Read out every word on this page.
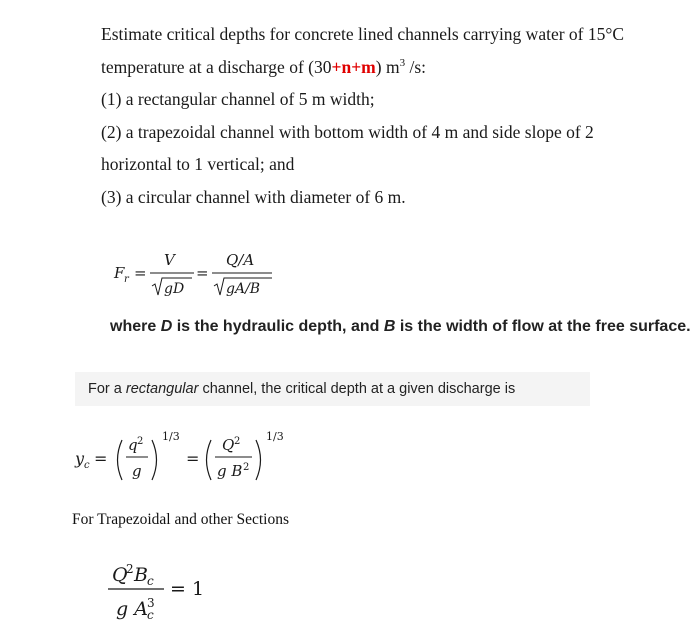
Estimate critical depths for concrete lined channels carrying water of 15°C
temperature at a discharge of (30+n+m) $m^3$ /s:
(1) a rectangular channel of 5 m width;
(2) a trapezoidal channel with bottom width of 4 m and side slope of 2
horizontal to 1 vertical; and
(3) a circular channel with diameter of 6 m.
F r =
V
gD
=
Q/A
gA/B
where D is the hydraulic depth, and B is the width of flow at the free surface.
For a rectangular channel, the critical depth at a given discharge is
y c =
q 2
g
1/3
=
Q 2
g B 2
1/3
For Trapezoidal and other Sections
Q
2 B c
g A 3
c
= 1
